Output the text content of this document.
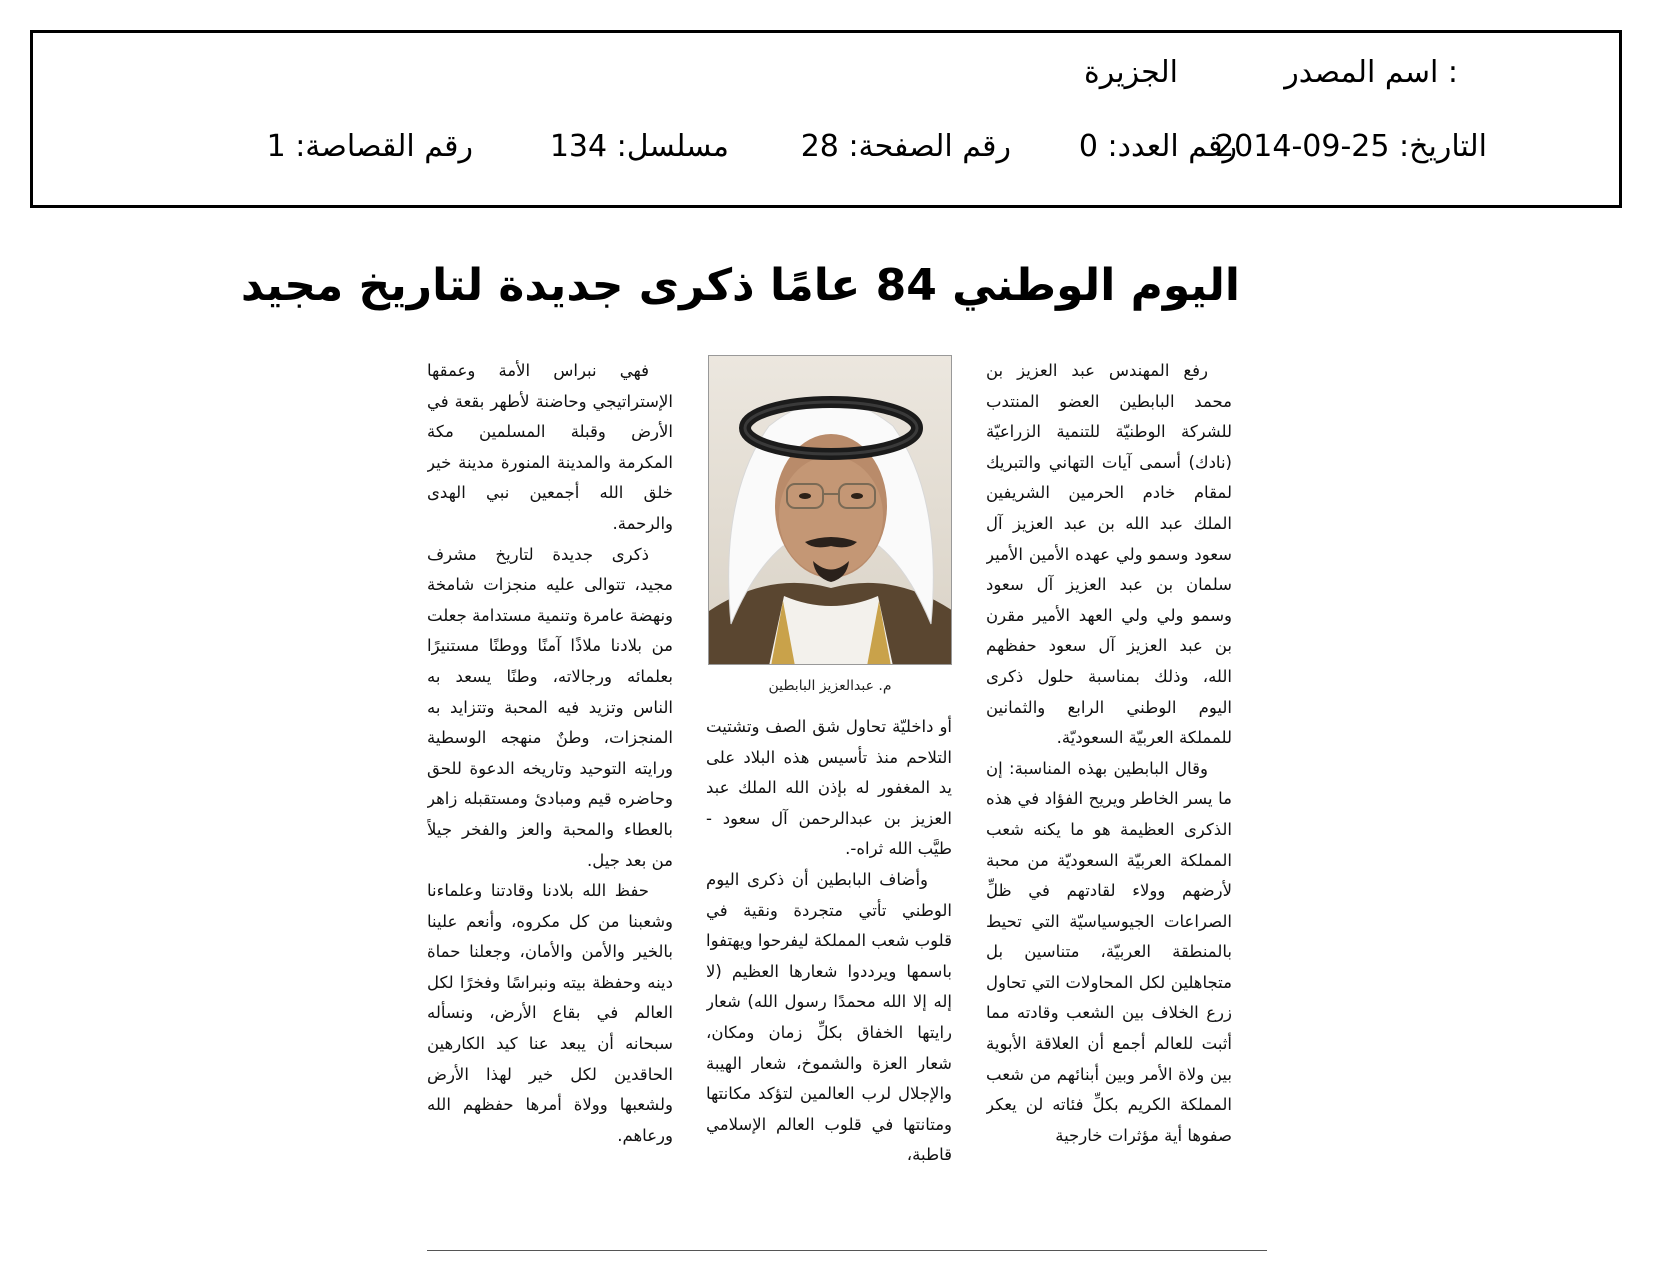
اسم المصدر :
الجزيرة
التاريخ: 25-09-2014
رقم العدد: 0
رقم الصفحة: 28
مسلسل: 134
رقم القصاصة: 1
اليوم الوطني 84 عامًا ذكرى جديدة لتاريخ مجيد

رفع المهندس عبد العزيز بن محمد البابطين العضو المنتدب للشركة الوطنيّة للتنمية الزراعيّة (نادك) أسمى آيات التهاني والتبريك لمقام خادم الحرمين الشريفين الملك عبد الله بن عبد العزيز آل سعود وسمو ولي عهده الأمين الأمير سلمان بن عبد العزيز آل سعود وسمو ولي ولي العهد الأمير مقرن بن عبد العزيز آل سعود حفظهم الله، وذلك بمناسبة حلول ذكرى اليوم الوطني الرابع والثمانين للمملكة العربيّة السعوديّة.

وقال البابطين بهذه المناسبة: إن ما يسر الخاطر ويريح الفؤاد في هذه الذكرى العظيمة هو ما يكنه شعب المملكة العربيّة السعوديّة من محبة لأرضهم وولاء لقادتهم في ظلِّ الصراعات الجيوسياسيّة التي تحيط بالمنطقة العربيّة، متناسين بل متجاهلين لكل المحاولات التي تحاول زرع الخلاف بين الشعب وقادته مما أثبت للعالم أجمع أن العلاقة الأبوية بين ولاة الأمر وبين أبنائهم من شعب المملكة الكريم بكلِّ فئاته لن يعكر صفوها أية مؤثرات خارجية

م. عبدالعزيز البابطين

أو داخليّة تحاول شق الصف وتشتيت التلاحم منذ تأسيس هذه البلاد على يد المغفور له بإذن الله الملك عبد العزيز بن عبدالرحمن آل سعود - طيَّب الله ثراه-.

وأضاف البابطين أن ذكرى اليوم الوطني تأتي متجردة ونقية في قلوب شعب المملكة ليفرحوا ويهتفوا باسمها ويرددوا شعارها العظيم (لا إله إلا الله محمدًا رسول الله) شعار رايتها الخفاق بكلِّ زمان ومكان، شعار العزة والشموخ، شعار الهيبة والإجلال لرب العالمين لتؤكد مكانتها ومتانتها في قلوب العالم الإسلامي قاطبة،

فهي نبراس الأمة وعمقها الإستراتيجي وحاضنة لأطهر بقعة في الأرض وقبلة المسلمين مكة المكرمة والمدينة المنورة مدينة خير خلق الله أجمعين نبي الهدى والرحمة.

ذكرى جديدة لتاريخ مشرف مجيد، تتوالى عليه منجزات شامخة ونهضة عامرة وتنمية مستدامة جعلت من بلادنا ملاذًا آمنًا ووطنًا مستنيرًا بعلمائه ورجالاته، وطنًا يسعد به الناس وتزيد فيه المحبة وتتزايد به المنجزات، وطنٌ منهجه الوسطية ورايته التوحيد وتاريخه الدعوة للحق وحاضره قيم ومبادئ ومستقبله زاهر بالعطاء والمحبة والعز والفخر جيلاً من بعد جيل.

حفظ الله بلادنا وقادتنا وعلماءنا وشعبنا من كل مكروه، وأنعم علينا بالخير والأمن والأمان، وجعلنا حماة دينه وحفظة بيته ونبراسًا وفخرًا لكل العالم في بقاع الأرض، ونسأله سبحانه أن يبعد عنا كيد الكارهين الحاقدين لكل خير لهذا الأرض ولشعبها وولاة أمرها حفظهم الله ورعاهم.
